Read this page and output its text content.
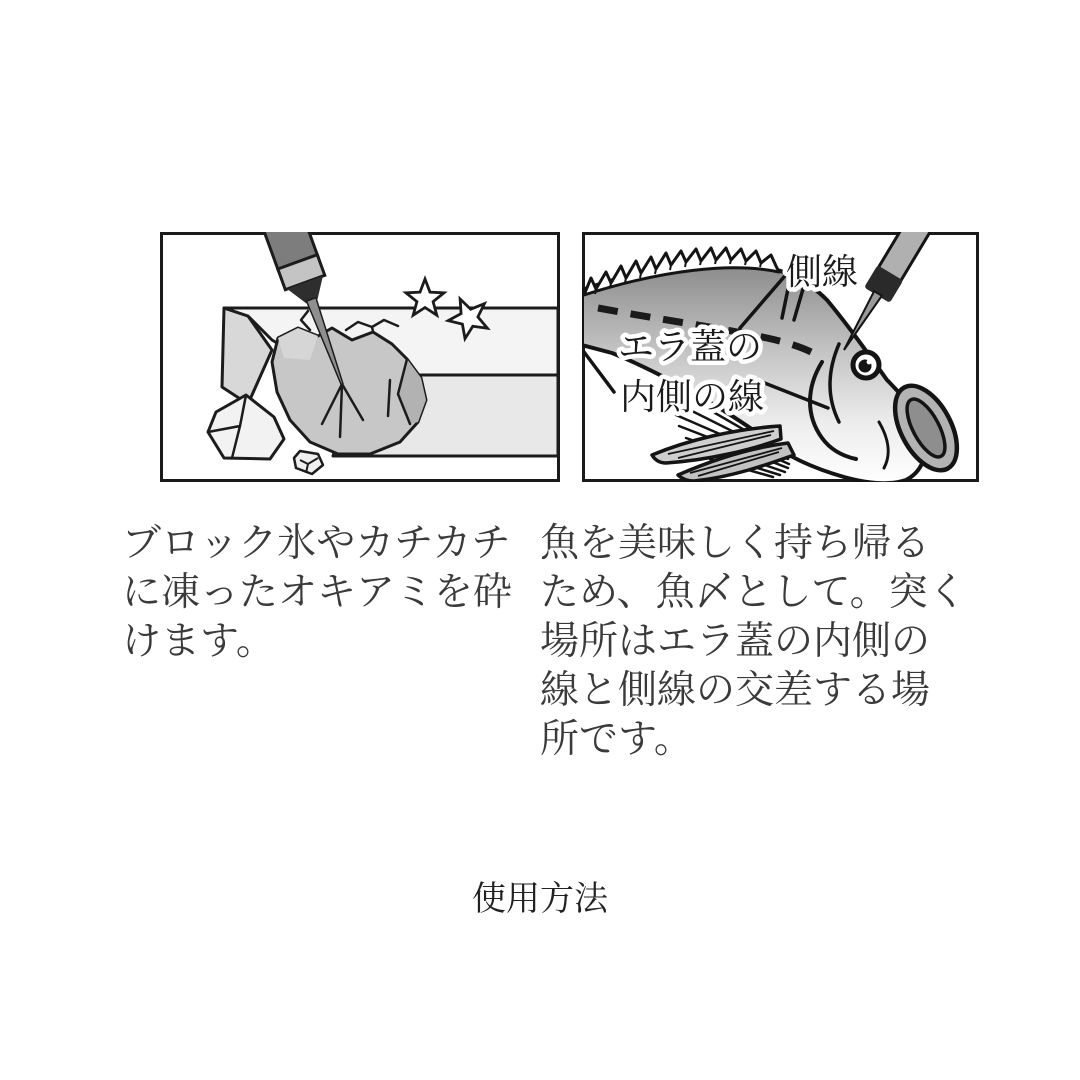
側線
エラ蓋の
内側の線

ブロック氷やカチカチ
に凍ったオキアミを砕
けます。

魚を美味しく持ち帰る
ため、魚〆として。突く
場所はエラ蓋の内側の
線と側線の交差する場
所です。

使用方法
